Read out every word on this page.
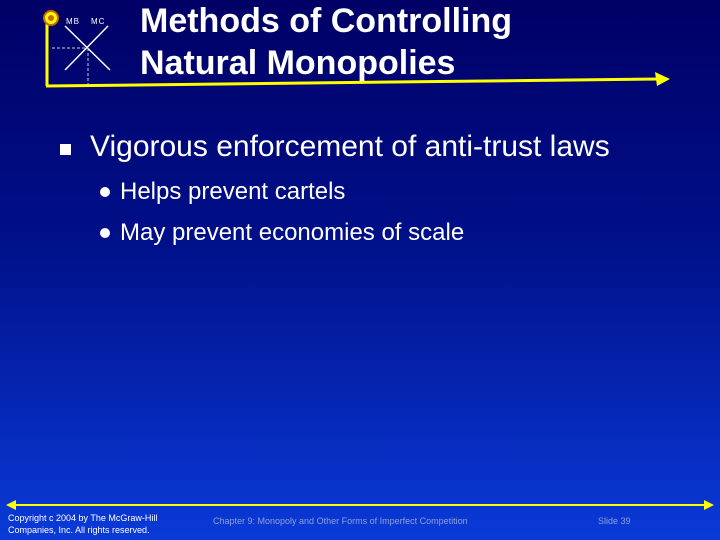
MB MC Methods of Controlling
Natural Monopolies
Vigorous enforcement of anti-trust laws
Helps prevent cartels
May prevent economies of scale
Copyright c 2004 by The McGraw-Hill
Companies, Inc. All rights reserved.
Chapter 9: Monopoly and Other Forms of Imperfect Competition	Slide 39
